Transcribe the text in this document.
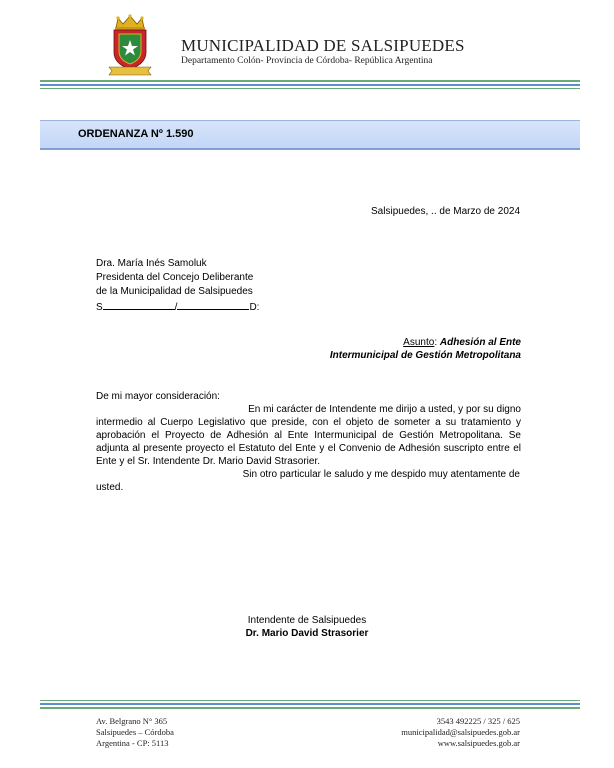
MUNICIPALIDAD DE SALSIPUEDES
Departamento Colón- Provincia de Córdoba- República Argentina
ORDENANZA Nº 1.590
Salsipuedes, .. de Marzo de 2024
Dra. María Inés Samoluk
Presidenta del Concejo Deliberante
de la Municipalidad de Salsipuedes
S	/	D:
Asunto: Adhesión al Ente
Intermunicipal de Gestión Metropolitana
De mi mayor consideración:

En mi carácter de Intendente me dirijo a usted, y por su digno

intermedio al Cuerpo Legislativo que preside, con el objeto de someter a su tratamiento y aprobación el Proyecto de Adhesión al Ente Intermunicipal de Gestión Metropolitana. Se adjunta al presente proyecto el Estatuto del Ente y el Convenio de Adhesión suscripto entre el Ente y el Sr. Intendente Dr. Mario David Strasorier.

Sin otro particular le saludo y me despido muy atentamente de

usted.

Intendente de Salsipuedes
Dr. Mario David Strasorier
Av. Belgrano N° 365
Salsipuedes – Córdoba
Argentina - CP: 5113
3543 492225 / 325 / 625
municipalidad@salsipuedes.gob.ar
www.salsipuedes.gob.ar
